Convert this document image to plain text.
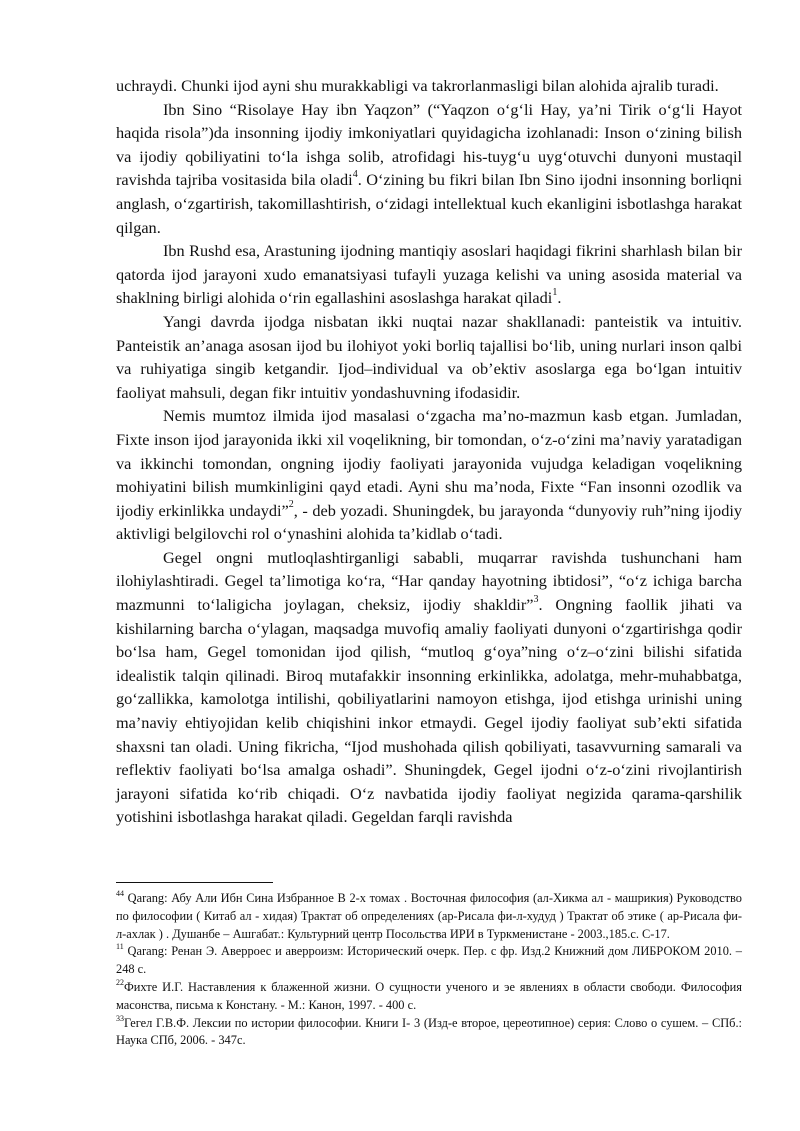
uchraydi. Chunki ijod ayni shu murakkabligi va takrorlanmasligi bilan alohida ajralib turadi.

Ibn Sino “Risolaye Hay ibn Yaqzon” (“Yaqzon o‘g‘li Hay, ya’ni Tirik o‘g‘li Hayot haqida risola”)da insonning ijodiy imkoniyatlari quyidagicha izohlanadi: Inson o‘zining bilish va ijodiy qobiliyatini to‘la ishga solib, atrofidagi his-tuyg‘u uyg‘otuvchi dunyoni mustaqil ravishda tajriba vositasida bila oladi$^4$. O‘zining bu fikri bilan Ibn Sino ijodni insonning borliqni anglash, o‘zgartirish, takomillashtirish, o‘zidagi intellektual kuch ekanligini isbotlashga harakat qilgan.

Ibn Rushd esa, Arastuning ijodning mantiqiy asoslari haqidagi fikrini sharhlash bilan bir qatorda ijod jarayoni xudo emanatsiyasi tufayli yuzaga kelishi va uning asosida material va shaklning birligi alohida o‘rin egallashini asoslashga harakat qiladi$^1$.

Yangi davrda ijodga nisbatan ikki nuqtai nazar shakllanadi: panteistik va intuitiv. Panteistik an’anaga asosan ijod bu ilohiyot yoki borliq tajallisi bo‘lib, uning nurlari inson qalbi va ruhiyatiga singib ketgandir. Ijod–individual va ob’ektiv asoslarga ega bo‘lgan intuitiv faoliyat mahsuli, degan fikr intuitiv yondashuvning ifodasidir.

Nemis mumtoz ilmida ijod masalasi o‘zgacha ma’no-mazmun kasb etgan. Jumladan, Fixte inson ijod jarayonida ikki xil voqelikning, bir tomondan, o‘z-o‘zini ma’naviy yaratadigan va ikkinchi tomondan, ongning ijodiy faoliyati jarayonida vujudga keladigan voqelikning mohiyatini bilish mumkinligini qayd etadi. Ayni shu ma’noda, Fixte “Fan insonni ozodlik va ijodiy erkinlikka undaydi”$^2$, - deb yozadi. Shuningdek, bu jarayonda “dunyoviy ruh”ning ijodiy aktivligi belgilovchi rol o‘ynashini alohida ta’kidlab o‘tadi.

Gegel ongni mutloqlashtirganligi sababli, muqarrar ravishda tushunchani ham ilohiylashtiradi. Gegel ta’limotiga ko‘ra, “Har qanday hayotning ibtidosi”, “o‘z ichiga barcha mazmunni to‘laligicha joylagan, cheksiz, ijodiy shakldir”$^3$. Ongning faollik jihati va kishilarning barcha o‘ylagan, maqsadga muvofiq amaliy faoliyati dunyoni o‘zgartirishga qodir bo‘lsa ham, Gegel tomonidan ijod qilish, “mutloq g‘oya”ning o‘z–o‘zini bilishi sifatida idealistik talqin qilinadi. Biroq mutafakkir insonning erkinlikka, adolatga, mehr-muhabbatga, go‘zallikka, kamolotga intilishi, qobiliyatlarini namoyon etishga, ijod etishga urinishi uning ma’naviy ehtiyojidan kelib chiqishini inkor etmaydi. Gegel ijodiy faoliyat sub’ekti sifatida shaxsni tan oladi. Uning fikricha, “Ijod mushohada qilish qobiliyati, tasavvurning samarali va reflektiv faoliyati bo‘lsa amalga oshadi”. Shuningdek, Gegel ijodni o‘z-o‘zini rivojlantirish jarayoni sifatida ko‘rib chiqadi. O‘z navbatida ijodiy faoliyat negizida qarama-qarshilik yotishini isbotlashga harakat qiladi. Gegeldan farqli ravishda

$^{44}$ Qarang: Абу Али Ибн Сина Избранное В 2-х томах . Восточная философия (ал-Хикма ал - машрикия) Руководство по философии ( Китаб ал - хидая) Трактат об определениях (ар-Рисала фи-л-худуд ) Трактат об этике ( ар-Рисала фи-л-ахлак ) . Душанбе – Ашгабат.: Культурний центр Посольства ИРИ в Туркменистане - 2003.,185.с. С-17.

$^{11}$ Qarang: Ренан Э. Аверроес и аверроизм: Исторический очерк. Пер. с фр. Изд.2 Книжний дом ЛИБРОКОМ 2010. – 248 с.

$^{22}$Фихте И.Г. Наставления к блаженной жизни. О сущности ученого и эе явлениях в области свободи. Философия масонства, письма к Констану. - М.: Канон, 1997. - 400 с.

$^{33}$Гегел Г.В.Ф. Лексии по истории философии. Книги I- 3 (Изд-е второе, цереотипное) серия: Слово о сушем. – СПб.: Наука СПб, 2006. - 347с.
